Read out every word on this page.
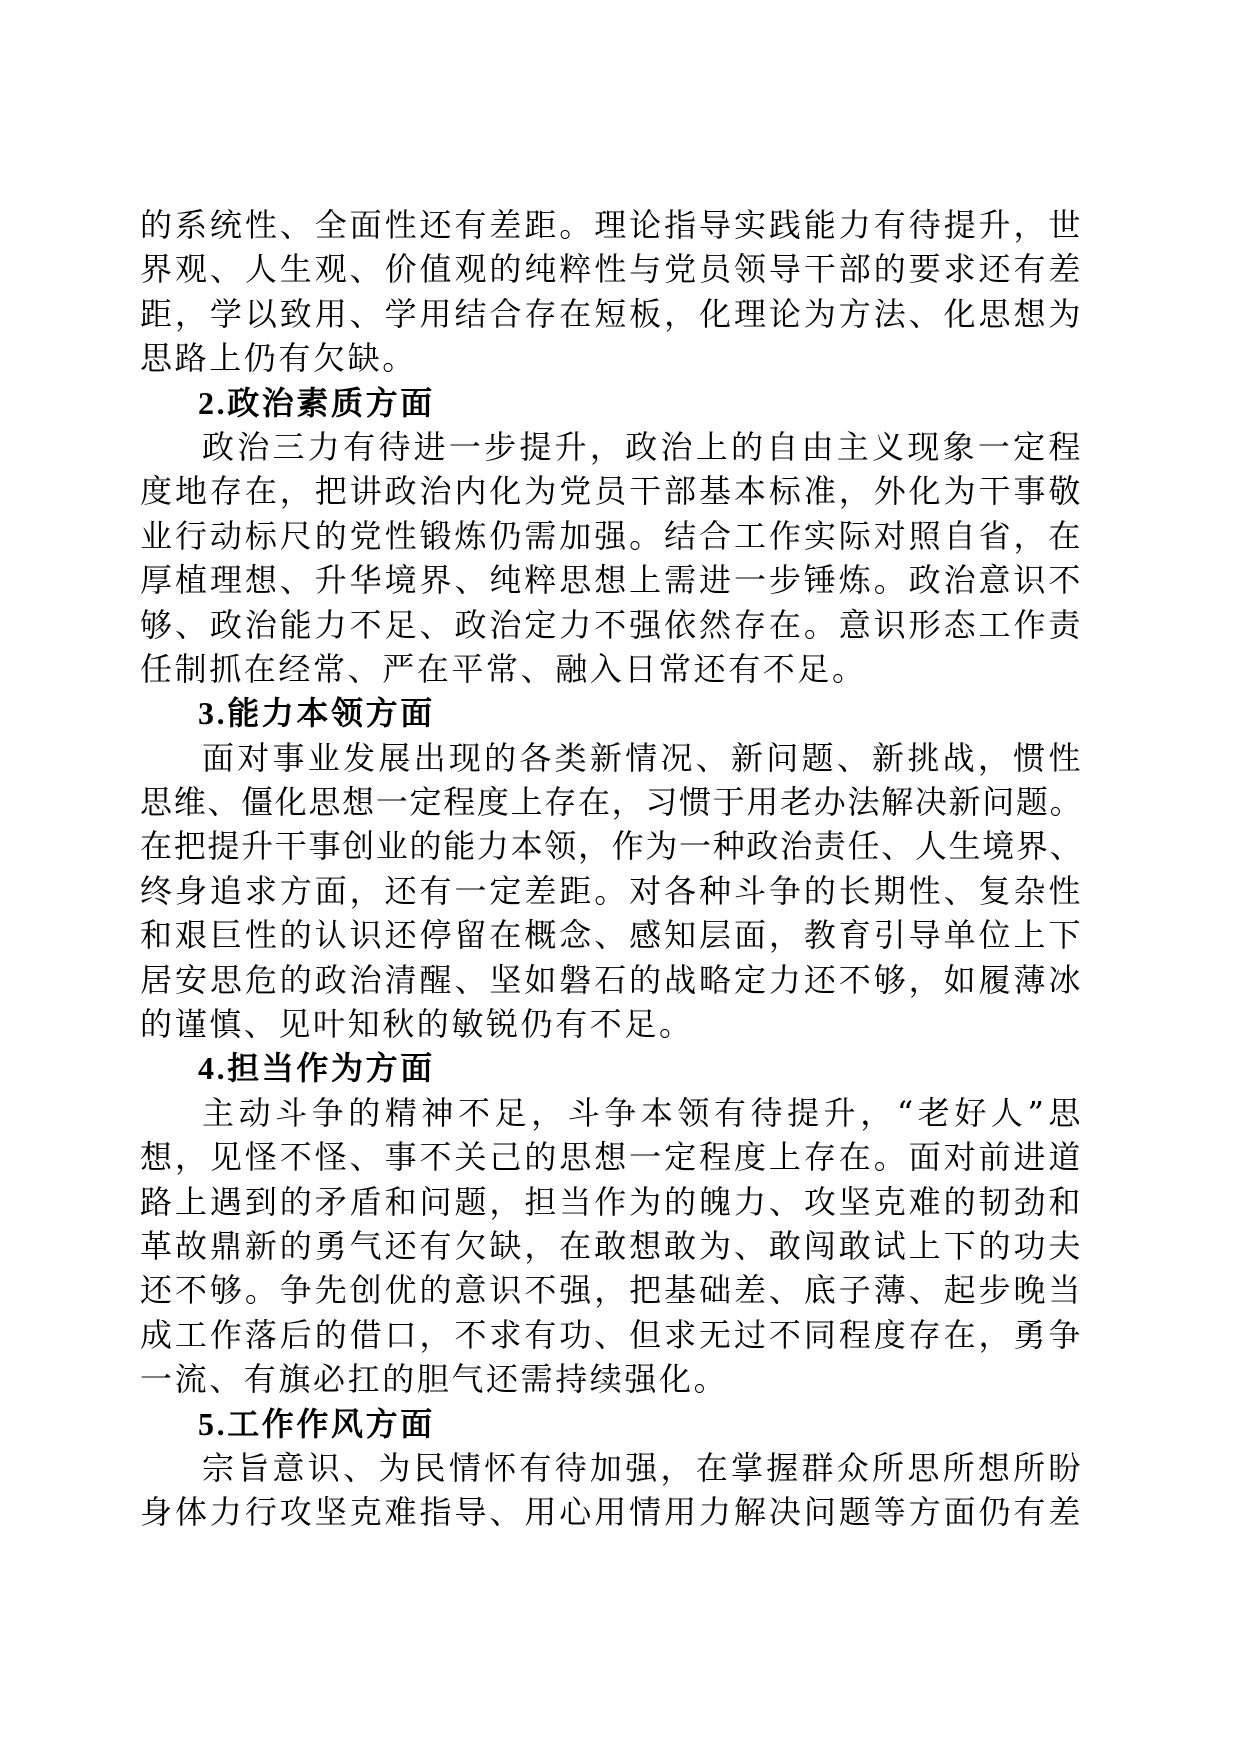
的系统性、全面性还有差距。理论指导实践能力有待提升，世
界观、人生观、价值观的纯粹性与党员领导干部的要求还有差
距，学以致用、学用结合存在短板，化理论为方法、化思想为
思路上仍有欠缺。
2.政治素质方面
政治三力有待进一步提升，政治上的自由主义现象一定程
度地存在，把讲政治内化为党员干部基本标准，外化为干事敬
业行动标尺的党性锻炼仍需加强。结合工作实际对照自省，在
厚植理想、升华境界、纯粹思想上需进一步锤炼。政治意识不
够、政治能力不足、政治定力不强依然存在。意识形态工作责
任制抓在经常、严在平常、融入日常还有不足。
3.能力本领方面
面对事业发展出现的各类新情况、新问题、新挑战，惯性
思维、僵化思想一定程度上存在，习惯于用老办法解决新问题。
在把提升干事创业的能力本领，作为一种政治责任、人生境界、
终身追求方面，还有一定差距。对各种斗争的长期性、复杂性
和艰巨性的认识还停留在概念、感知层面，教育引导单位上下
居安思危的政治清醒、坚如磐石的战略定力还不够，如履薄冰
的谨慎、见叶知秋的敏锐仍有不足。
4.担当作为方面
主动斗争的精神不足，斗争本领有待提升，“老好人”思
想，见怪不怪、事不关己的思想一定程度上存在。面对前进道
路上遇到的矛盾和问题，担当作为的魄力、攻坚克难的韧劲和
革故鼎新的勇气还有欠缺，在敢想敢为、敢闯敢试上下的功夫
还不够。争先创优的意识不强，把基础差、底子薄、起步晚当
成工作落后的借口，不求有功、但求无过不同程度存在，勇争
一流、有旗必扛的胆气还需持续强化。
5.工作作风方面
宗旨意识、为民情怀有待加强，在掌握群众所思所想所盼
身体力行攻坚克难指导、用心用情用力解决问题等方面仍有差
